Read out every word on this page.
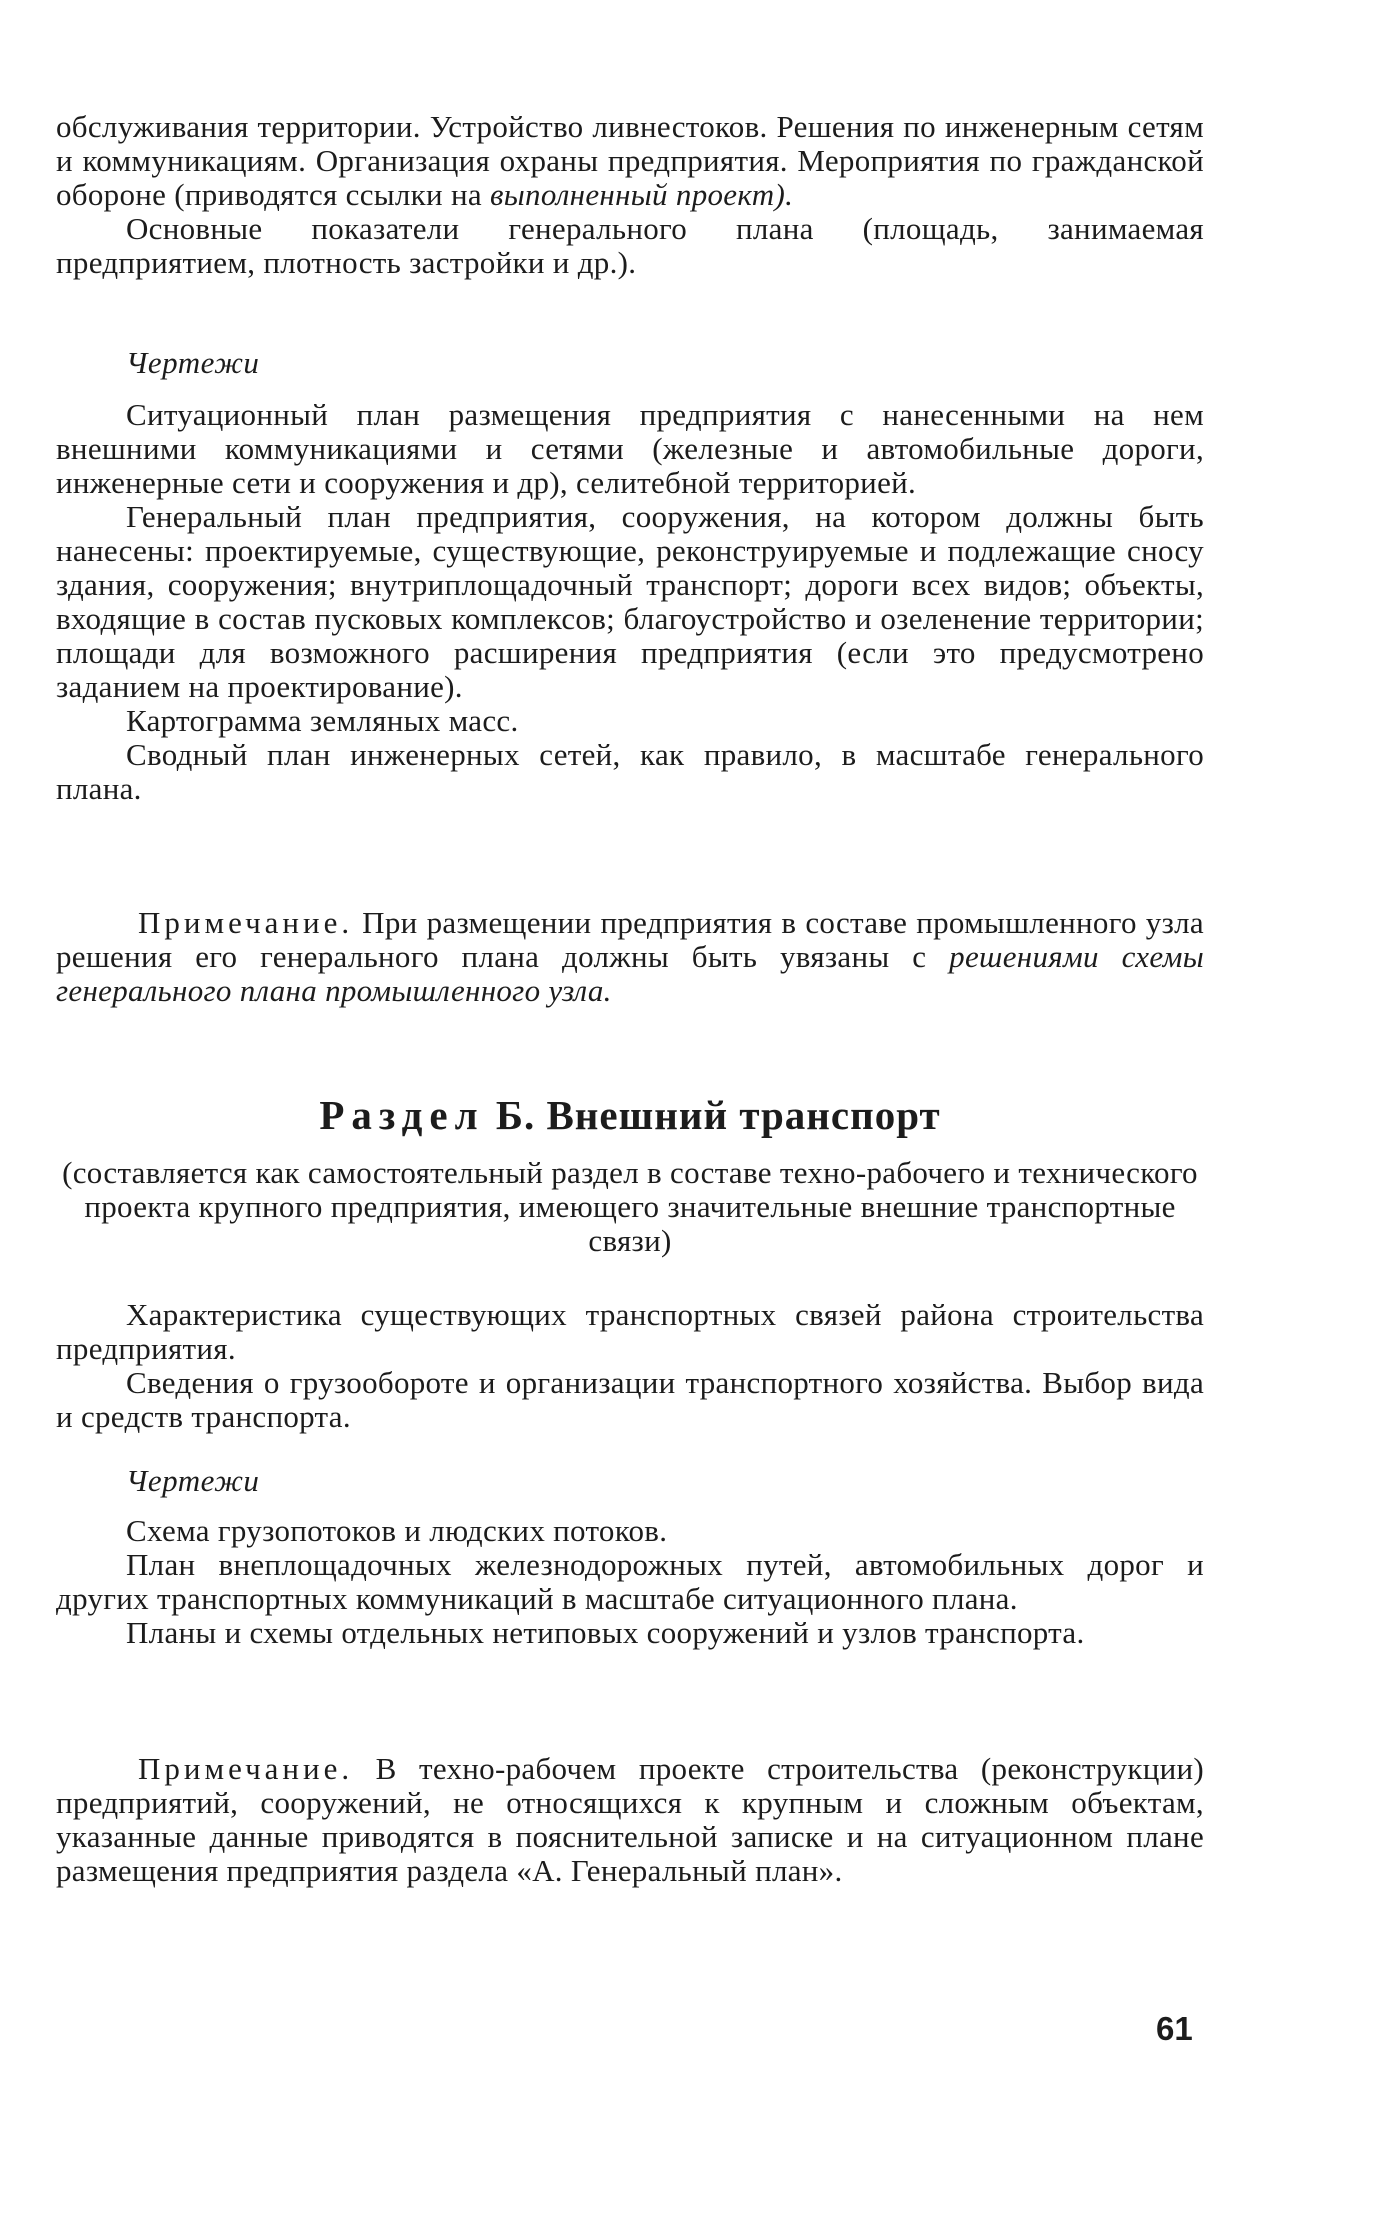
обслуживания территории. Устройство ливнестоков. Решения по инженерным сетям и коммуникациям. Организация охраны предприятия. Мероприятия по гражданской обороне (приводятся ссылки на выполненный проект).

Основные показатели генерального плана (площадь, занимаемая предприятием, плотность застройки и др.).

Чертежи

Ситуационный план размещения предприятия с нанесенными на нем внешними коммуникациями и сетями (железные и автомобильные дороги, инженерные сети и сооружения и др), селитебной территорией.

Генеральный план предприятия, сооружения, на котором должны быть нанесены: проектируемые, существующие, реконструируемые и подлежащие сносу здания, сооружения; внутриплощадочный транспорт; дороги всех видов; объекты, входящие в состав пусковых комплексов; благоустройство и озеленение территории; площади для возможного расширения предприятия (если это предусмотрено заданием на проектирование).

Картограмма земляных масс.

Сводный план инженерных сетей, как правило, в масштабе генерального плана.

Примечание. При размещении предприятия в составе промышленного узла решения его генерального плана должны быть увязаны с решениями схемы генерального плана промышленного узла.

Раздел Б. Внешний транспорт
(составляется как самостоятельный раздел в составе техно-рабочего и технического проекта крупного предприятия, имеющего значительные внешние транспортные связи)

Характеристика существующих транспортных связей района строительства предприятия.

Сведения о грузообороте и организации транспортного хозяйства. Выбор вида и средств транспорта.

Чертежи

Схема грузопотоков и людских потоков.

План внеплощадочных железнодорожных путей, автомобильных дорог и других транспортных коммуникаций в масштабе ситуационного плана.

Планы и схемы отдельных нетиповых сооружений и узлов транспорта.

Примечание. В техно-рабочем проекте строительства (реконструкции) предприятий, сооружений, не относящихся к крупным и сложным объектам, указанные данные приводятся в пояснительной записке и на ситуационном плане размещения предприятия раздела «А. Генеральный план».

61
